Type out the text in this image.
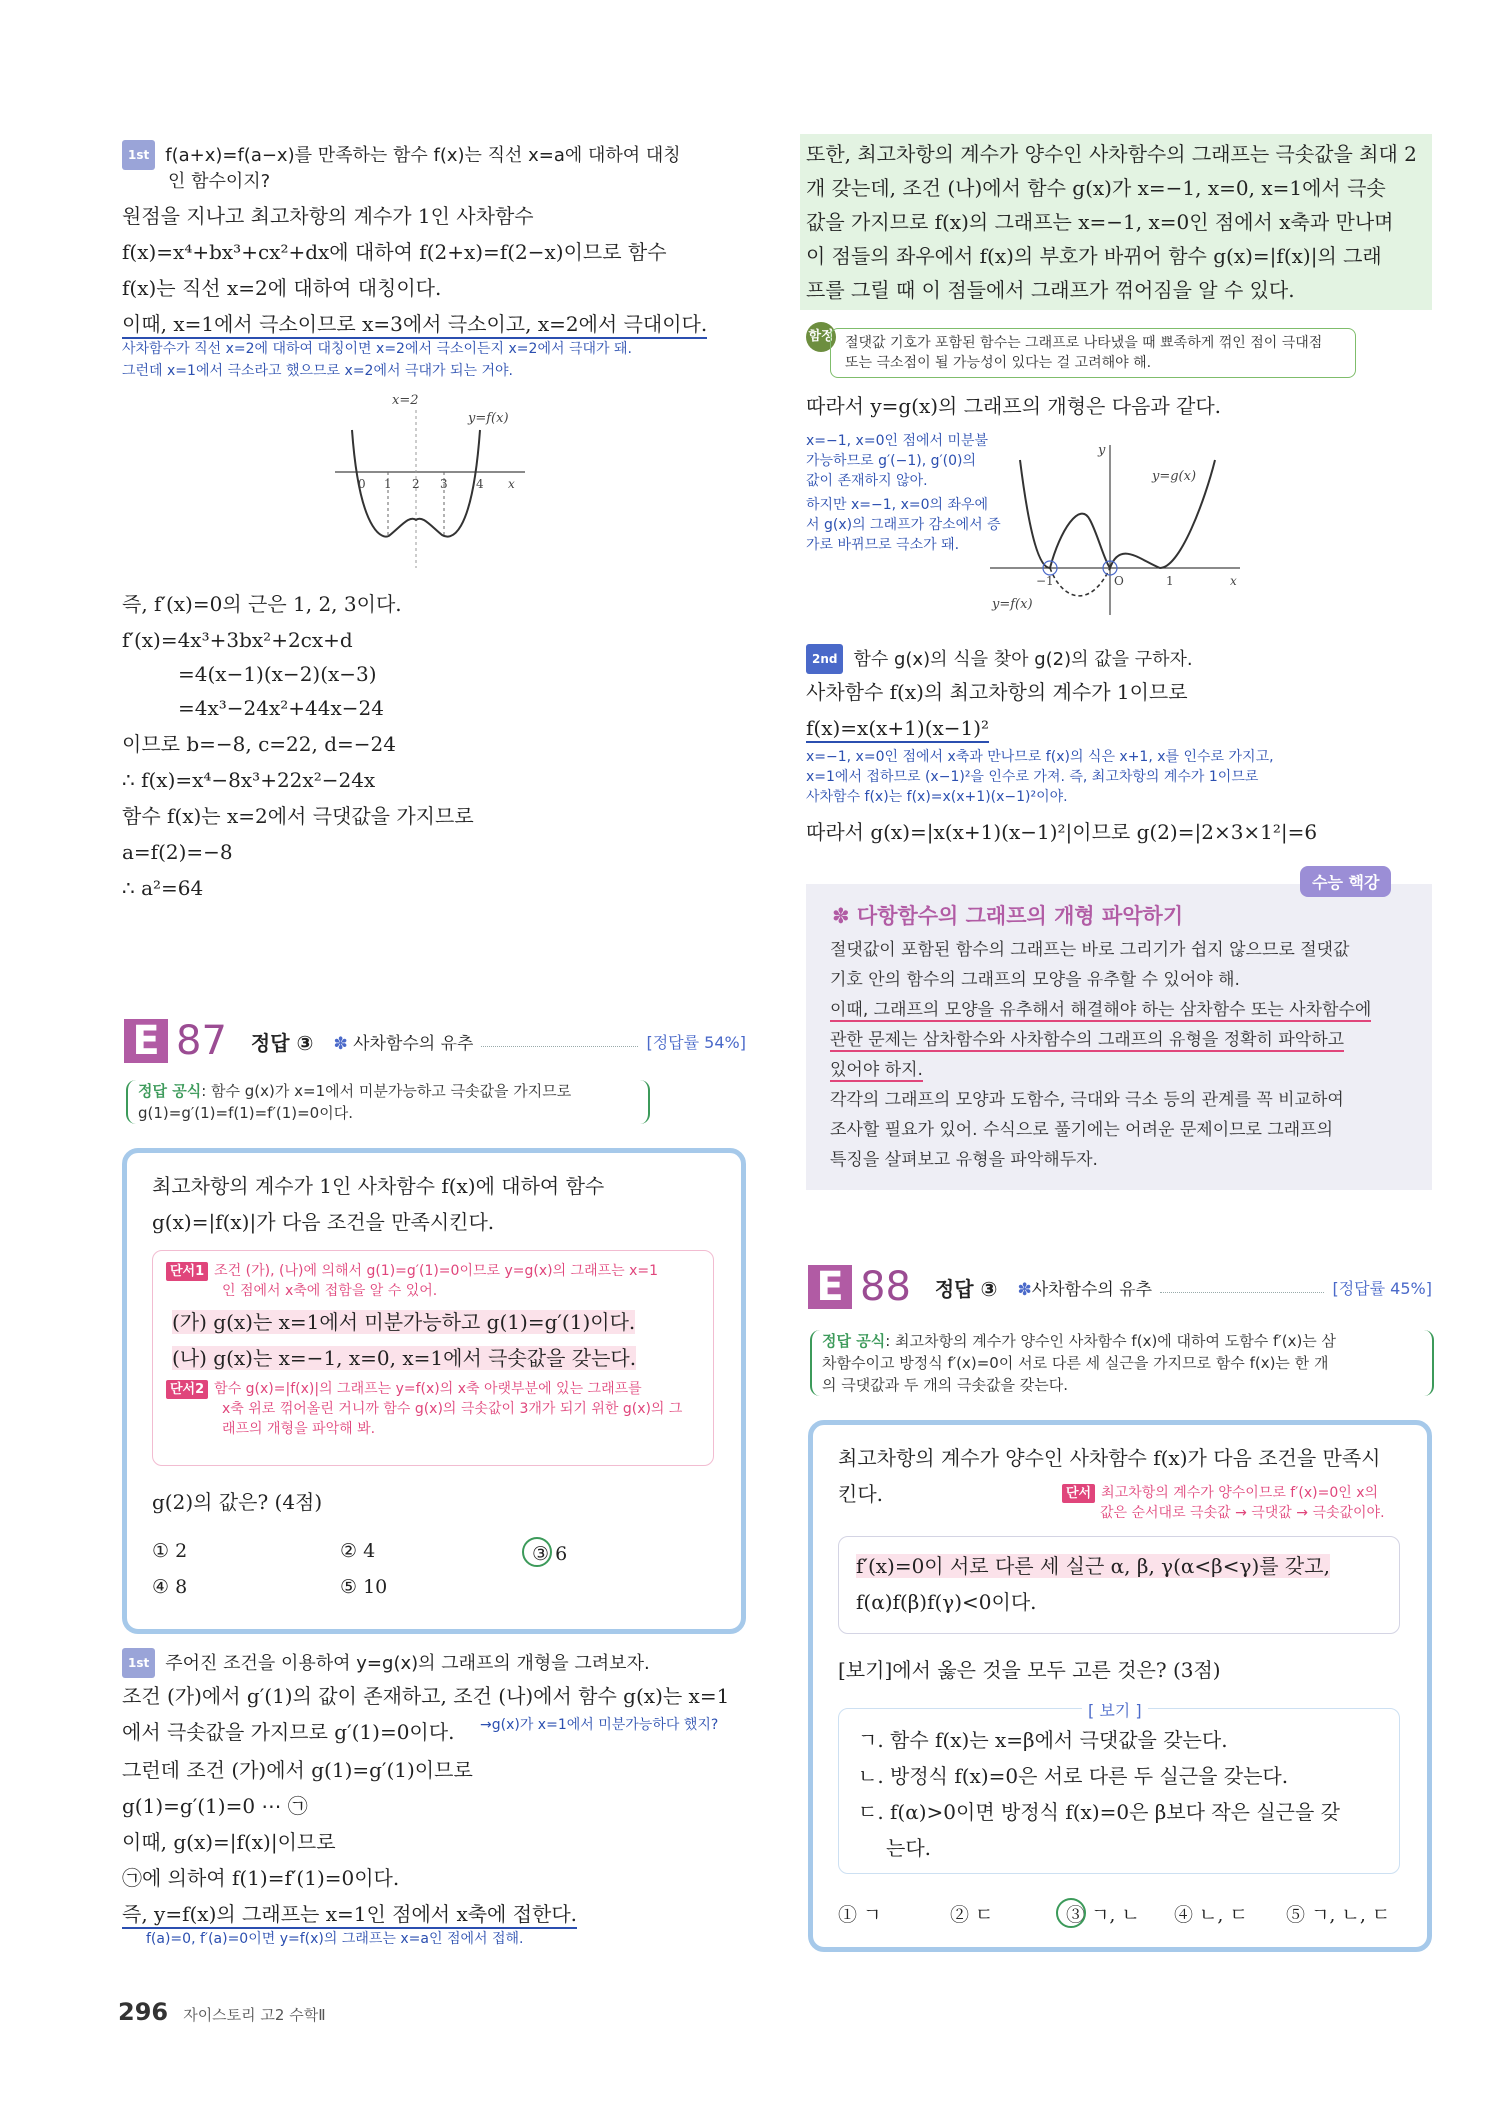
1st f(a+x)=f(a−x)를 만족하는 함수 f(x)는 직선 x=a에 대하여 대칭
인 함수이지?
원점을 지나고 최고차항의 계수가 1인 사차함수
f(x)=x⁴+bx³+cx²+dx에 대하여 f(2+x)=f(2−x)이므로 함수
f(x)는 직선 x=2에 대하여 대칭이다.
이때, x=1에서 극소이므로 x=3에서 극소이고, x=2에서 극대이다.
사차함수가 직선 x=2에 대하여 대칭이면 x=2에서 극소이든지 x=2에서 극대가 돼.
그런데 x=1에서 극소라고 했으므로 x=2에서 극대가 되는 거야.
x=2
y=f(x)
0 1 2 3 4 x
즉, f′(x)=0의 근은 1, 2, 3이다.
f′(x)=4x³+3bx²+2cx+d
=4(x−1)(x−2)(x−3)
=4x³−24x²+44x−24
이므로 b=−8, c=22, d=−24
∴ f(x)=x⁴−8x³+22x²−24x
함수 f(x)는 x=2에서 극댓값을 가지므로
a=f(2)=−8
∴ a²=64
E 87 정답 ③ ✽ 사차함수의 유추	[정답률 54%]
정답 공식: 함수 g(x)가 x=1에서 미분가능하고 극솟값을 가지므로
g(1)=g′(1)=f(1)=f′(1)=0이다.
최고차항의 계수가 1인 사차함수 f(x)에 대하여 함수
g(x)=|f(x)|가 다음 조건을 만족시킨다.
단서1 조건 (가), (나)에 의해서 g(1)=g′(1)=0이므로 y=g(x)의 그래프는 x=1
인 점에서 x축에 접함을 알 수 있어.
(가) g(x)는 x=1에서 미분가능하고 g(1)=g′(1)이다.
(나) g(x)는 x=−1, x=0, x=1에서 극솟값을 갖는다.
단서2 함수 g(x)=|f(x)|의 그래프는 y=f(x)의 x축 아랫부분에 있는 그래프를
x축 위로 꺾어올린 거니까 함수 g(x)의 극솟값이 3개가 되기 위한 g(x)의 그
래프의 개형을 파악해 봐.
g(2)의 값은? (4점)
① 2	② 4	③ 6
④ 8	⑤ 10
1st 주어진 조건을 이용하여 y=g(x)의 그래프의 개형을 그려보자.
조건 (가)에서 g′(1)의 값이 존재하고, 조건 (나)에서 함수 g(x)는 x=1
에서 극솟값을 가지므로 g′(1)=0이다. →g(x)가 x=1에서 미분가능하다 했지?
그런데 조건 (가)에서 g(1)=g′(1)이므로
g(1)=g′(1)=0 ⋯ ㉠
이때, g(x)=|f(x)|이므로
㉠에 의하여 f(1)=f′(1)=0이다.
즉, y=f(x)의 그래프는 x=1인 점에서 x축에 접한다.
f(a)=0, f′(a)=0이면 y=f(x)의 그래프는 x=a인 점에서 접해.
또한, 최고차항의 계수가 양수인 사차함수의 그래프는 극솟값을 최대 2
개 갖는데, 조건 (나)에서 함수 g(x)가 x=−1, x=0, x=1에서 극솟
값을 가지므로 f(x)의 그래프는 x=−1, x=0인 점에서 x축과 만나며
이 점들의 좌우에서 f(x)의 부호가 바뀌어 함수 g(x)=|f(x)|의 그래
프를 그릴 때 이 점들에서 그래프가 꺾어짐을 알 수 있다.
함정 절댓값 기호가 포함된 함수는 그래프로 나타냈을 때 뾰족하게 꺾인 점이 극대점
또는 극소점이 될 가능성이 있다는 걸 고려해야 해.
따라서 y=g(x)의 그래프의 개형은 다음과 같다.
x=−1, x=0인 점에서 미분불
가능하므로 g′(−1), g′(0)의
값이 존재하지 않아.
하지만 x=−1, x=0의 좌우에
서 g(x)의 그래프가 감소에서 증
가로 바뀌므로 극소가 돼.
y
y=g(x)
y=f(x)
−1	O	1	x
2nd 함수 g(x)의 식을 찾아 g(2)의 값을 구하자.
사차함수 f(x)의 최고차항의 계수가 1이므로
f(x)=x(x+1)(x−1)²
x=−1, x=0인 점에서 x축과 만나므로 f(x)의 식은 x+1, x를 인수로 가지고,
x=1에서 접하므로 (x−1)²을 인수로 가져. 즉, 최고차항의 계수가 1이므로
사차함수 f(x)는 f(x)=x(x+1)(x−1)²이야.
따라서 g(x)=|x(x+1)(x−1)²|이므로 g(2)=|2×3×1²|=6
수능 핵강
✽ 다항함수의 그래프의 개형 파악하기
절댓값이 포함된 함수의 그래프는 바로 그리기가 쉽지 않으므로 절댓값
기호 안의 함수의 그래프의 모양을 유추할 수 있어야 해.
이때, 그래프의 모양을 유추해서 해결해야 하는 삼차함수 또는 사차함수에
관한 문제는 삼차함수와 사차함수의 그래프의 유형을 정확히 파악하고
있어야 하지.
각각의 그래프의 모양과 도함수, 극대와 극소 등의 관계를 꼭 비교하여
조사할 필요가 있어. 수식으로 풀기에는 어려운 문제이므로 그래프의
특징을 살펴보고 유형을 파악해두자.
E 88 정답 ③ ✽사차함수의 유추	[정답률 45%]
정답 공식: 최고차항의 계수가 양수인 사차함수 f(x)에 대하여 도함수 f′(x)는 삼
차함수이고 방정식 f′(x)=0이 서로 다른 세 실근을 가지므로 함수 f(x)는 한 개
의 극댓값과 두 개의 극솟값을 갖는다.
최고차항의 계수가 양수인 사차함수 f(x)가 다음 조건을 만족시
킨다.	단서 최고차항의 계수가 양수이므로 f′(x)=0인 x의
값은 순서대로 극솟값 → 극댓값 → 극솟값이야.
f′(x)=0이 서로 다른 세 실근 α, β, γ(α<β<γ)를 갖고,
f(α)f(β)f(γ)<0이다.
[보기]에서 옳은 것을 모두 고른 것은? (3점)
[ 보기 ]
ㄱ. 함수 f(x)는 x=β에서 극댓값을 갖는다.
ㄴ. 방정식 f(x)=0은 서로 다른 두 실근을 갖는다.
ㄷ. f(α)>0이면 방정식 f(x)=0은 β보다 작은 실근을 갖
는다.
① ㄱ	② ㄷ	③ ㄱ, ㄴ ④ ㄴ, ㄷ ⑤ ㄱ, ㄴ, ㄷ
296 자이스토리 고2 수학Ⅱ
